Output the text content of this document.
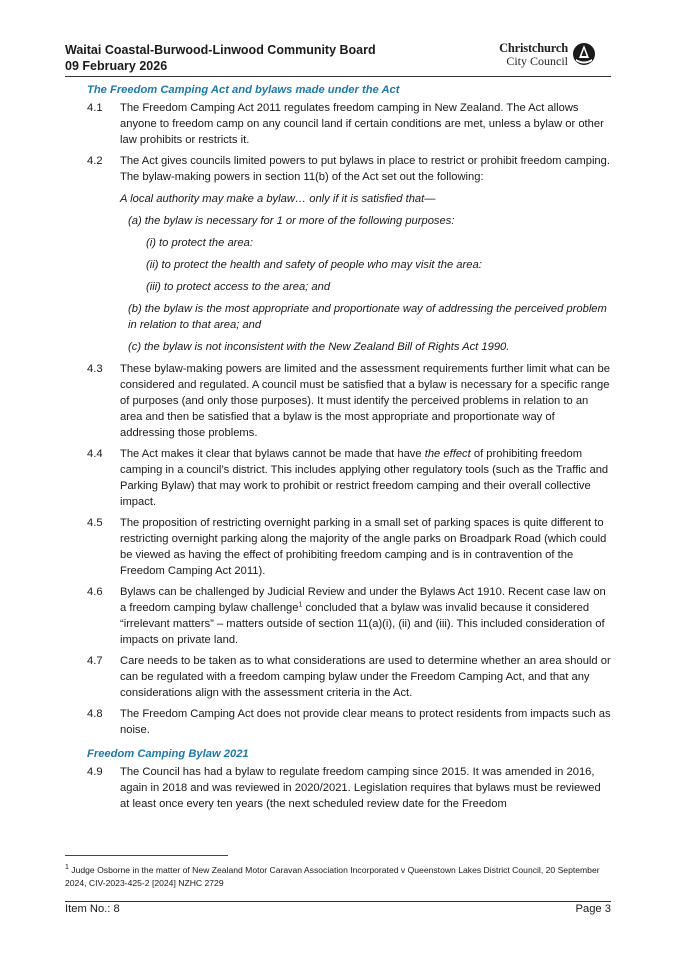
Waitai Coastal-Burwood-Linwood Community Board
09 February 2026
Christchurch
City Council
The Freedom Camping Act and bylaws made under the Act
4.1 The Freedom Camping Act 2011 regulates freedom camping in New Zealand. The Act allows anyone to freedom camp on any council land if certain conditions are met, unless a bylaw or other law prohibits or restricts it.
4.2 The Act gives councils limited powers to put bylaws in place to restrict or prohibit freedom camping. The bylaw-making powers in section 11(b) of the Act set out the following:
A local authority may make a bylaw… only if it is satisfied that—
(a) the bylaw is necessary for 1 or more of the following purposes:
(i) to protect the area:
(ii) to protect the health and safety of people who may visit the area:
(iii) to protect access to the area; and
(b) the bylaw is the most appropriate and proportionate way of addressing the perceived problem in relation to that area; and
(c) the bylaw is not inconsistent with the New Zealand Bill of Rights Act 1990.
4.3 These bylaw-making powers are limited and the assessment requirements further limit what can be considered and regulated. A council must be satisfied that a bylaw is necessary for a specific range of purposes (and only those purposes). It must identify the perceived problems in relation to an area and then be satisfied that a bylaw is the most appropriate and proportionate way of addressing those problems.
4.4 The Act makes it clear that bylaws cannot be made that have the effect of prohibiting freedom camping in a council’s district. This includes applying other regulatory tools (such as the Traffic and Parking Bylaw) that may work to prohibit or restrict freedom camping and their overall collective impact.
4.5 The proposition of restricting overnight parking in a small set of parking spaces is quite different to restricting overnight parking along the majority of the angle parks on Broadpark Road (which could be viewed as having the effect of prohibiting freedom camping and is in contravention of the Freedom Camping Act 2011).
4.6 Bylaws can be challenged by Judicial Review and under the Bylaws Act 1910. Recent case law on a freedom camping bylaw challenge$^1$ concluded that a bylaw was invalid because it considered “irrelevant matters” – matters outside of section 11(a)(i), (ii) and (iii). This included consideration of impacts on private land.
4.7 Care needs to be taken as to what considerations are used to determine whether an area should or can be regulated with a freedom camping bylaw under the Freedom Camping Act, and that any considerations align with the assessment criteria in the Act.
4.8 The Freedom Camping Act does not provide clear means to protect residents from impacts such as noise.
Freedom Camping Bylaw 2021
4.9 The Council has had a bylaw to regulate freedom camping since 2015. It was amended in 2016, again in 2018 and was reviewed in 2020/2021. Legislation requires that bylaws must be reviewed at least once every ten years (the next scheduled review date for the Freedom
$^1$ Judge Osborne in the matter of New Zealand Motor Caravan Association Incorporated v Queenstown Lakes District Council, 20 September 2024, CIV-2023-425-2 [2024] NZHC 2729
Item No.: 8	Page 3
